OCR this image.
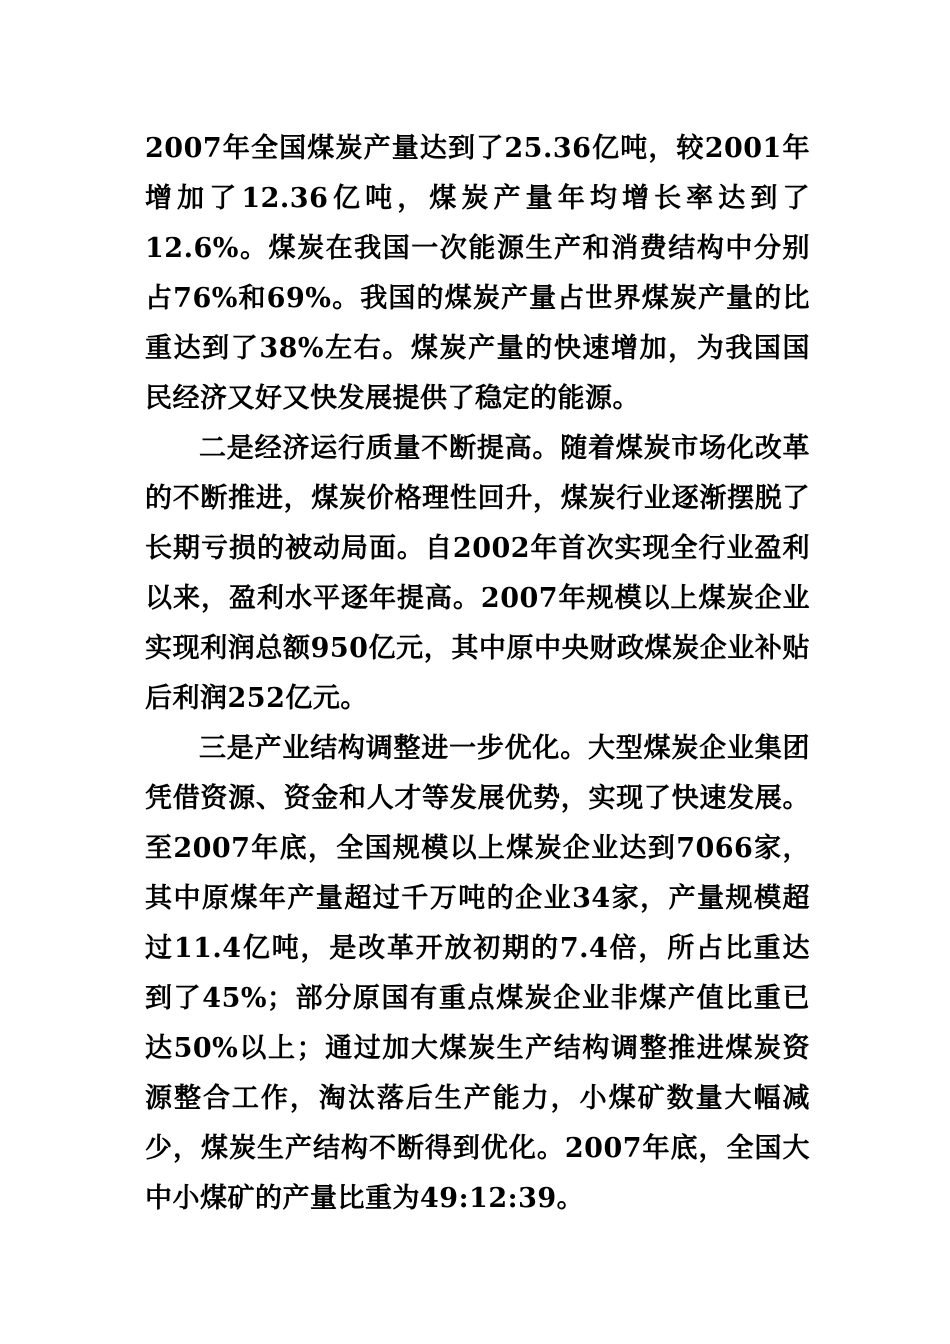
2007年全国煤炭产量达到了25.36亿吨，较2001年增加了12.36亿吨，煤炭产量年均增长率达到了12.6%。煤炭在我国一次能源生产和消费结构中分别占76%和69%。我国的煤炭产量占世界煤炭产量的比重达到了38%左右。煤炭产量的快速增加，为我国国民经济又好又快发展提供了稳定的能源。

二是经济运行质量不断提高。随着煤炭市场化改革的不断推进，煤炭价格理性回升，煤炭行业逐渐摆脱了长期亏损的被动局面。自2002年首次实现全行业盈利以来，盈利水平逐年提高。2007年规模以上煤炭企业实现利润总额950亿元，其中原中央财政煤炭企业补贴后利润252亿元。

三是产业结构调整进一步优化。大型煤炭企业集团凭借资源、资金和人才等发展优势，实现了快速发展。至2007年底，全国规模以上煤炭企业达到7066家，其中原煤年产量超过千万吨的企业34家，产量规模超过11.4亿吨，是改革开放初期的7.4倍，所占比重达到了45%；部分原国有重点煤炭企业非煤产值比重已达50%以上；通过加大煤炭生产结构调整推进煤炭资源整合工作，淘汰落后生产能力，小煤矿数量大幅减少，煤炭生产结构不断得到优化。2007年底，全国大中小煤矿的产量比重为49:12:39。
